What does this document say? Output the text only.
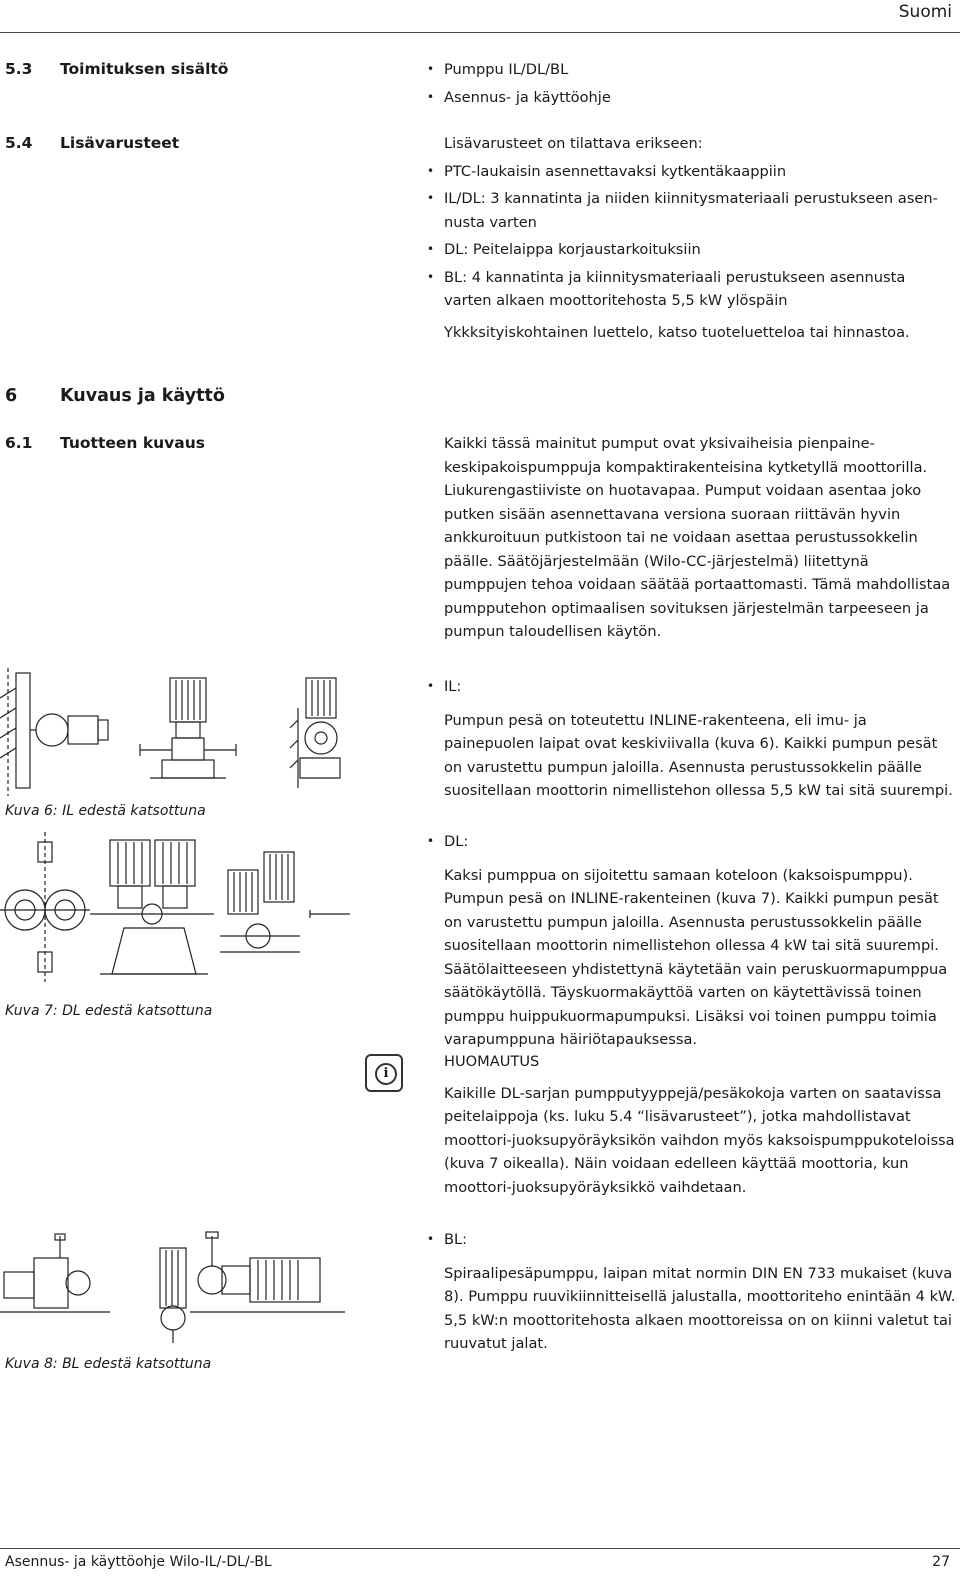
Suomi
5.3 Toimituksen sisältö
•	Pumppu IL/DL/BL
• Asennus- ja käyttöohje
5.4 Lisävarusteet	Lisävarusteet on tilattava erikseen:

• PTC-laukaisin asennettavaksi kytkentäkaappiin
• IL/DL: 3 kannatinta ja niiden kiinnitysmateriaali perustukseen asen-nusta varten
• DL: Peitelaippa korjaustarkoituksiin
• BL: 4 kannatinta ja kiinnitysmateriaali perustukseen asennusta varten alkaen moottoritehosta 5,5 kW ylöspäin

Ykkksityiskohtainen luettelo, katso tuoteluetteloa tai hinnastoa.

6 Kuvaus ja käyttö
6.1 Tuotteen kuvaus	Kaikki tässä mainitut pumput ovat yksivaiheisia pienpaine-keskipakoispumppuja kompaktirakenteisina kytketyllä moottorilla. Liukurengastiiviste on huotavapaa. Pumput voidaan asentaa joko putken sisään asennettavana versiona suoraan riittävän hyvin ankkuroituun putkistoon tai ne voidaan asettaa perustussokkelin päälle. Säätöjärjestelmään (Wilo-CC-järjestelmä) liitettynä pumppujen tehoa voidaan säätää portaattomasti. Tämä mahdollistaa pumpputehon optimaalisen sovituksen järjestelmän tarpeeseen ja pumpun taloudellisen käytön.
• IL:

Pumpun pesä on toteutettu INLINE-rakenteena, eli imu- ja painepuolen laipat ovat keskiviivalla (kuva 6). Kaikki pumpun pesät on varustettu pumpun jaloilla. Asennusta perustussokkelin päälle suositellaan moottorin nimellistehon ollessa 5,5 kW tai sitä suurempi.

• DL:

Kaksi pumppua on sijoitettu samaan koteloon (kaksoispumppu). Pumpun pesä on INLINE-rakenteinen (kuva 7). Kaikki pumpun pesät on varustettu pumpun jaloilla. Asennusta perustussokkelin päälle suositellaan moottorin nimellistehon ollessa 4 kW tai sitä suurempi. Säätölaitteeseen yhdistettynä käytetään vain peruskuormapumppua säätökäytöllä. Täyskuormakäyttöä varten on käytettävissä toinen pumppu huippukuormapumpuksi. Lisäksi voi toinen pumppu toimia varapumppuna häiriötapauksessa.

i

HUOMAUTUS

Kaikille DL-sarjan pumpputyyppejä/pesäkokoja varten on saatavissa peitelaippoja (ks. luku 5.4 “lisävarusteet”), jotka mahdollistavat moottori-juoksupyöräyksikön vaihdon myös kaksoispumppukoteloissa (kuva 7 oikealla). Näin voidaan edelleen käyttää moottoria, kun moottori-juoksupyöräyksikkö vaihdetaan.

• BL:

Spiraalipesäpumppu, laipan mitat normin DIN EN 733 mukaiset (kuva 8). Pumppu ruuvikiinnitteisellä jalustalla, moottoriteho enintään 4 kW. 5,5 kW:n moottoritehosta alkaen moottoreissa on on kiinni valetut tai ruuvatut jalat.

Kuva 6: IL edestä katsottuna
Kuva 7: DL edestä katsottuna
Kuva 8: BL edestä katsottuna
Asennus- ja käyttöohje Wilo-IL/-DL/-BL	27
